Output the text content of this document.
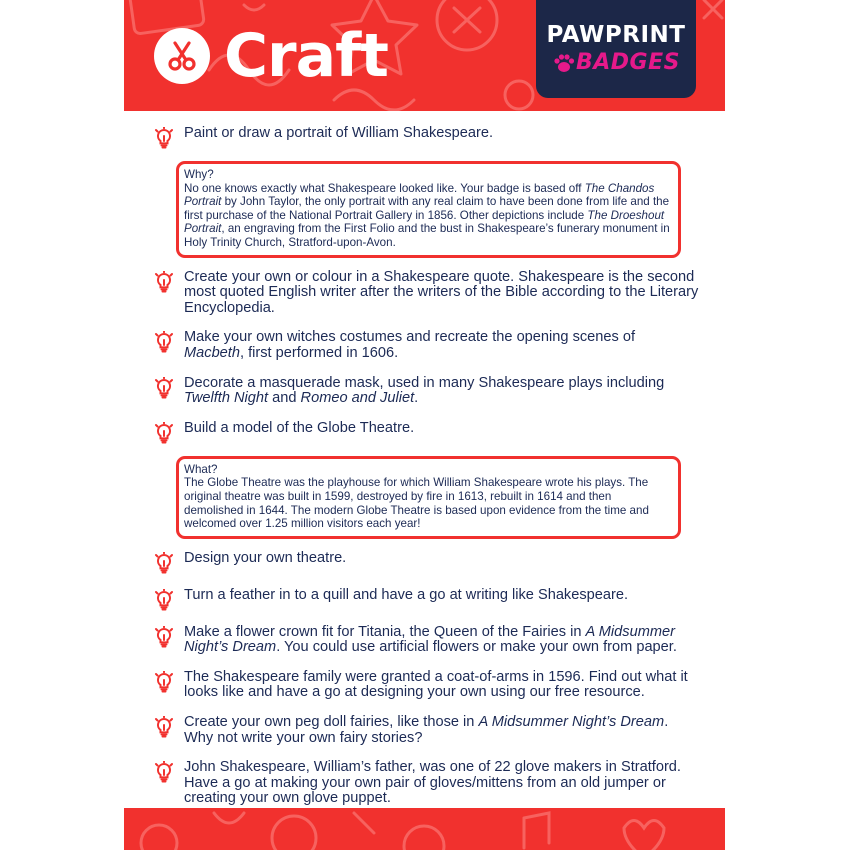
Craft	PAWPRINT
BADGES
Paint or draw a portrait of William Shakespeare.
Why?
No one knows exactly what Shakespeare looked like. Your badge is based off The Chandos Portrait by John Taylor, the only portrait with any real claim to have been done from life and the first purchase of the National Portrait Gallery in 1856. Other depictions include The Droeshout Portrait, an engraving from the First Folio and the bust in Shakespeare’s funerary monument in Holy Trinity Church, Stratford-upon-Avon.
Create your own or colour in a Shakespeare quote. Shakespeare is the second most quoted English writer after the writers of the Bible according to the Literary Encyclopedia.
Make your own witches costumes and recreate the opening scenes of Macbeth, first performed in 1606.
Decorate a masquerade mask, used in many Shakespeare plays including Twelfth Night and Romeo and Juliet.
Build a model of the Globe Theatre.
What?
The Globe Theatre was the playhouse for which William Shakespeare wrote his plays. The original theatre was built in 1599, destroyed by fire in 1613, rebuilt in 1614 and then demolished in 1644. The modern Globe Theatre is based upon evidence from the time and welcomed over 1.25 million visitors each year!
Design your own theatre.
Turn a feather in to a quill and have a go at writing like Shakespeare.
Make a flower crown fit for Titania, the Queen of the Fairies in A Midsummer Night’s Dream. You could use artificial flowers or make your own from paper.
The Shakespeare family were granted a coat-of-arms in 1596. Find out what it looks like and have a go at designing your own using our free resource.
Create your own peg doll fairies, like those in A Midsummer Night’s Dream. Why not write your own fairy stories?
John Shakespeare, William’s father, was one of 22 glove makers in Stratford. Have a go at making your own pair of gloves/mittens from an old jumper or creating your own glove puppet.
